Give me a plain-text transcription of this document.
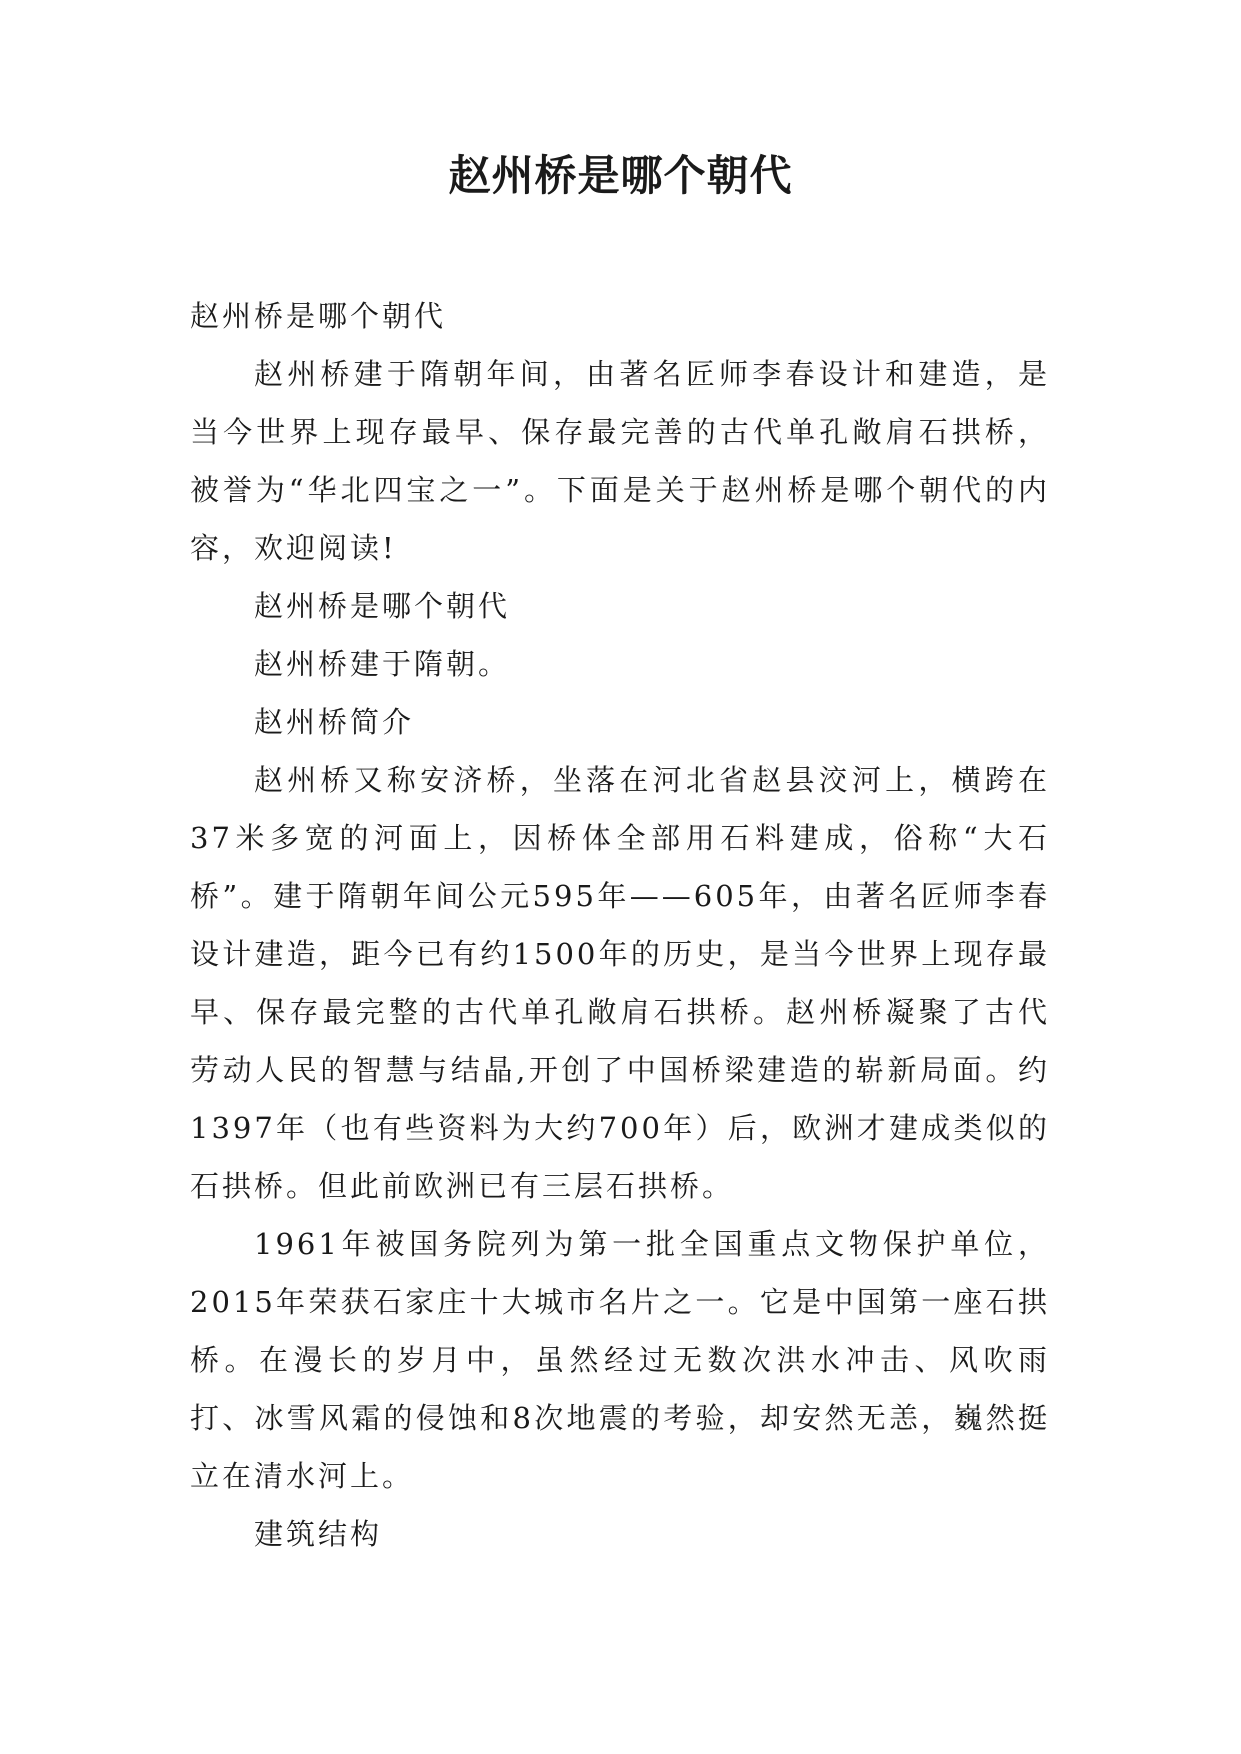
赵州桥是哪个朝代

赵州桥是哪个朝代

赵州桥建于隋朝年间，由著名匠师李春设计和建造，是当今世界上现存最早、保存最完善的古代单孔敞肩石拱桥，被誉为“华北四宝之一”。下面是关于赵州桥是哪个朝代的内容，欢迎阅读!

赵州桥是哪个朝代

赵州桥建于隋朝。

赵州桥简介

赵州桥又称安济桥，坐落在河北省赵县洨河上，横跨在37米多宽的河面上，因桥体全部用石料建成，俗称“大石桥”。建于隋朝年间公元595年——605年，由著名匠师李春设计建造，距今已有约1500年的历史，是当今世界上现存最早、保存最完整的古代单孔敞肩石拱桥。赵州桥凝聚了古代劳动人民的智慧与结晶,开创了中国桥梁建造的崭新局面。约1397年（也有些资料为大约700年）后，欧洲才建成类似的石拱桥。但此前欧洲已有三层石拱桥。

1961年被国务院列为第一批全国重点文物保护单位，2015年荣获石家庄十大城市名片之一。它是中国第一座石拱桥。在漫长的岁月中，虽然经过无数次洪水冲击、风吹雨打、冰雪风霜的侵蚀和8次地震的考验，却安然无恙，巍然挺立在清水河上。

建筑结构
